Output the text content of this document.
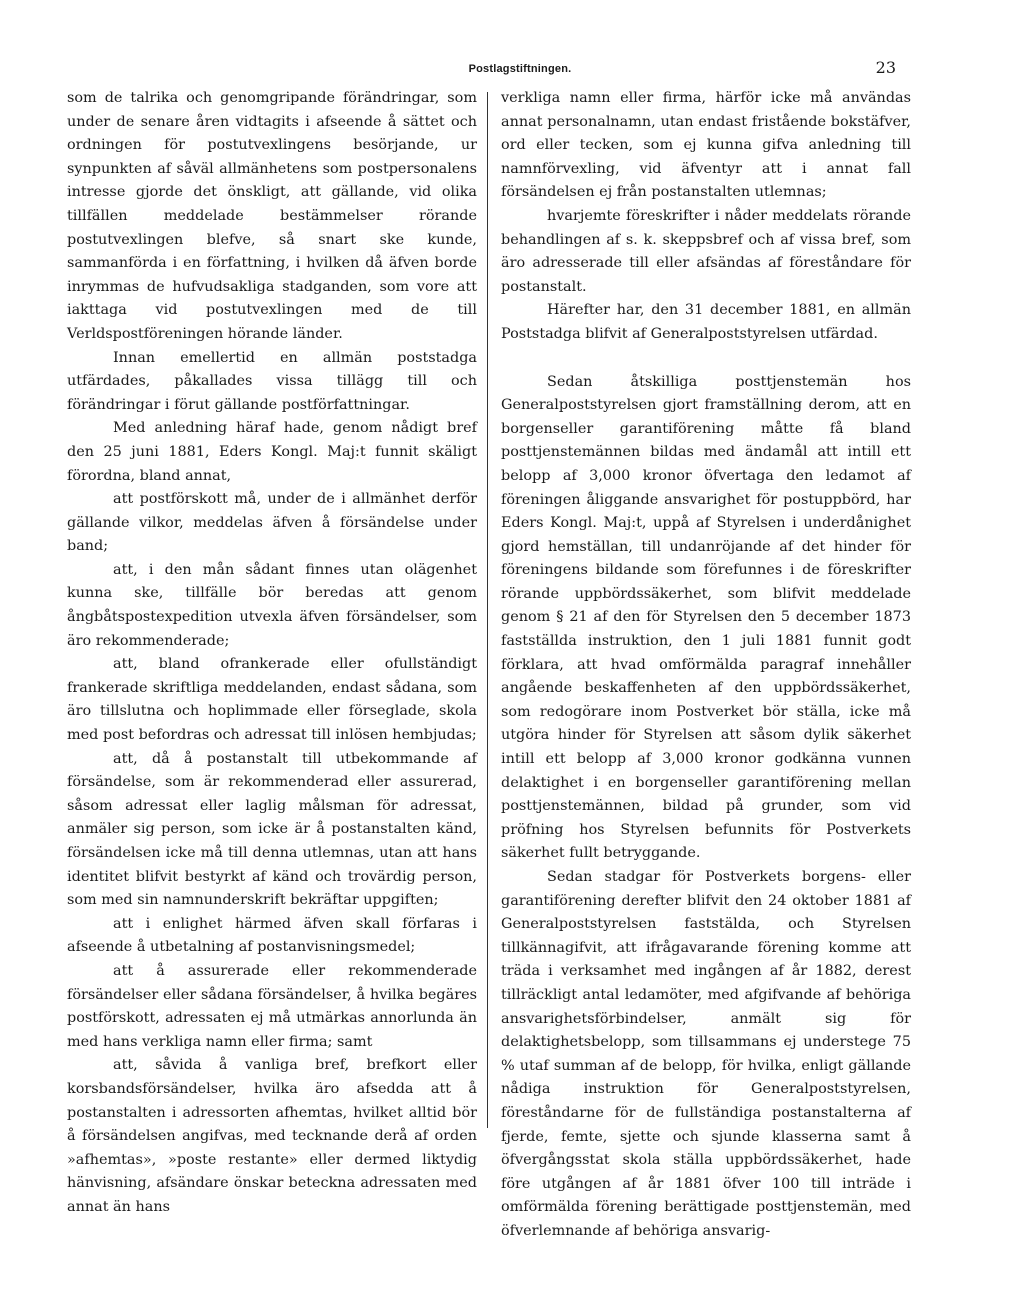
Postlagstiftningen.	23

som de talrika och genomgripande förändringar, som under de senare åren vidtagits i afseende å sättet och ordningen för postutvexlingens besörjande, ur synpunkten af såväl allmänhetens som postpersonalens intresse gjorde det önskligt, att gällande, vid olika tillfällen meddelade bestämmelser rörande postutvexlingen blefve, så snart ske kunde, sammanförda i en författning, i hvilken då äfven borde inrymmas de hufvudsakliga stadganden, som vore att iakttaga vid postutvexlingen med de till Verldspostföreningen hörande länder.

Innan emellertid en allmän poststadga utfärdades, påkallades vissa tillägg till och förändringar i förut gällande postförfattningar.

Med anledning häraf hade, genom nådigt bref den 25 juni 1881, Eders Kongl. Maj:t funnit skäligt förordna, bland annat,

att postförskott må, under de i allmänhet derför gällande vilkor, meddelas äfven å försändelse under band;

att, i den mån sådant finnes utan olägenhet kunna ske, tillfälle bör beredas att genom ångbåtspostexpedition utvexla äfven försändelser, som äro rekommenderade;

att, bland ofrankerade eller ofullständigt frankerade skriftliga meddelanden, endast sådana, som äro tillslutna och hoplimmade eller förseglade, skola med post befordras och adressat till inlösen hembjudas;

att, då å postanstalt till utbekommande af försändelse, som är rekommenderad eller assurerad, såsom adressat eller laglig målsman för adressat, anmäler sig person, som icke är å postanstalten känd, försändelsen icke må till denna utlemnas, utan att hans identitet blifvit bestyrkt af känd och trovärdig person, som med sin namnunderskrift bekräftar uppgiften;

att i enlighet härmed äfven skall förfaras i afseende å utbetalning af postanvisningsmedel;

att å assurerade eller rekommenderade försändelser eller sådana försändelser, å hvilka begäres postförskott, adressaten ej må utmärkas annorlunda än med hans verkliga namn eller firma; samt

att, såvida å vanliga bref, brefkort eller korsbandsförsändelser, hvilka äro afsedda att å postanstalten i adressorten afhemtas, hvilket alltid bör å försändelsen angifvas, med tecknande derå af orden »afhemtas», »poste restante» eller dermed liktydig hänvisning, afsändare önskar beteckna adressaten med annat än hans

verkliga namn eller firma, härför icke må användas annat personalnamn, utan endast fristående bokstäfver, ord eller tecken, som ej kunna gifva anledning till namnförvexling, vid äfventyr att i annat fall försändelsen ej från postanstalten utlemnas;

hvarjemte föreskrifter i nåder meddelats rörande behandlingen af s. k. skeppsbref och af vissa bref, som äro adresserade till eller afsändas af föreståndare för postanstalt.

Härefter har, den 31 december 1881, en allmän Poststadga blifvit af Generalpoststyrelsen utfärdad.

Sedan åtskilliga posttjenstemän hos Generalpoststyrelsen gjort framställning derom, att en borgenseller garantiförening måtte få bland posttjenstemännen bildas med ändamål att intill ett belopp af 3,000 kronor öfvertaga den ledamot af föreningen åliggande ansvarighet för postuppbörd, har Eders Kongl. Maj:t, uppå af Styrelsen i underdånighet gjord hemställan, till undanröjande af det hinder för föreningens bildande som förefunnes i de föreskrifter rörande uppbördssäkerhet, som blifvit meddelade genom § 21 af den för Styrelsen den 5 december 1873 fastställda instruktion, den 1 juli 1881 funnit godt förklara, att hvad omförmälda paragraf innehåller angående beskaffenheten af den uppbördssäkerhet, som redogörare inom Postverket bör ställa, icke må utgöra hinder för Styrelsen att såsom dylik säkerhet intill ett belopp af 3,000 kronor godkänna vunnen delaktighet i en borgenseller garantiförening mellan posttjenstemännen, bildad på grunder, som vid pröfning hos Styrelsen befunnits för Postverkets säkerhet fullt betryggande.

Sedan stadgar för Postverkets borgens- eller garantiförening derefter blifvit den 24 oktober 1881 af Generalpoststyrelsen faststälda, och Styrelsen tillkännagifvit, att ifrågavarande förening komme att träda i verksamhet med ingången af år 1882, derest tillräckligt antal ledamöter, med afgifvande af behöriga ansvarighetsförbindelser, anmält sig för delaktighetsbelopp, som tillsammans ej understege 75 % utaf summan af de belopp, för hvilka, enligt gällande nådiga instruktion för Generalpoststyrelsen, föreståndarne för de fullständiga postanstalterna af fjerde, femte, sjette och sjunde klasserna samt å öfvergångsstat skola ställa uppbördssäkerhet, hade före utgången af år 1881 öfver 100 till inträde i omförmälda förening berättigade posttjenstemän, med öfverlemnande af behöriga ansvarig-
